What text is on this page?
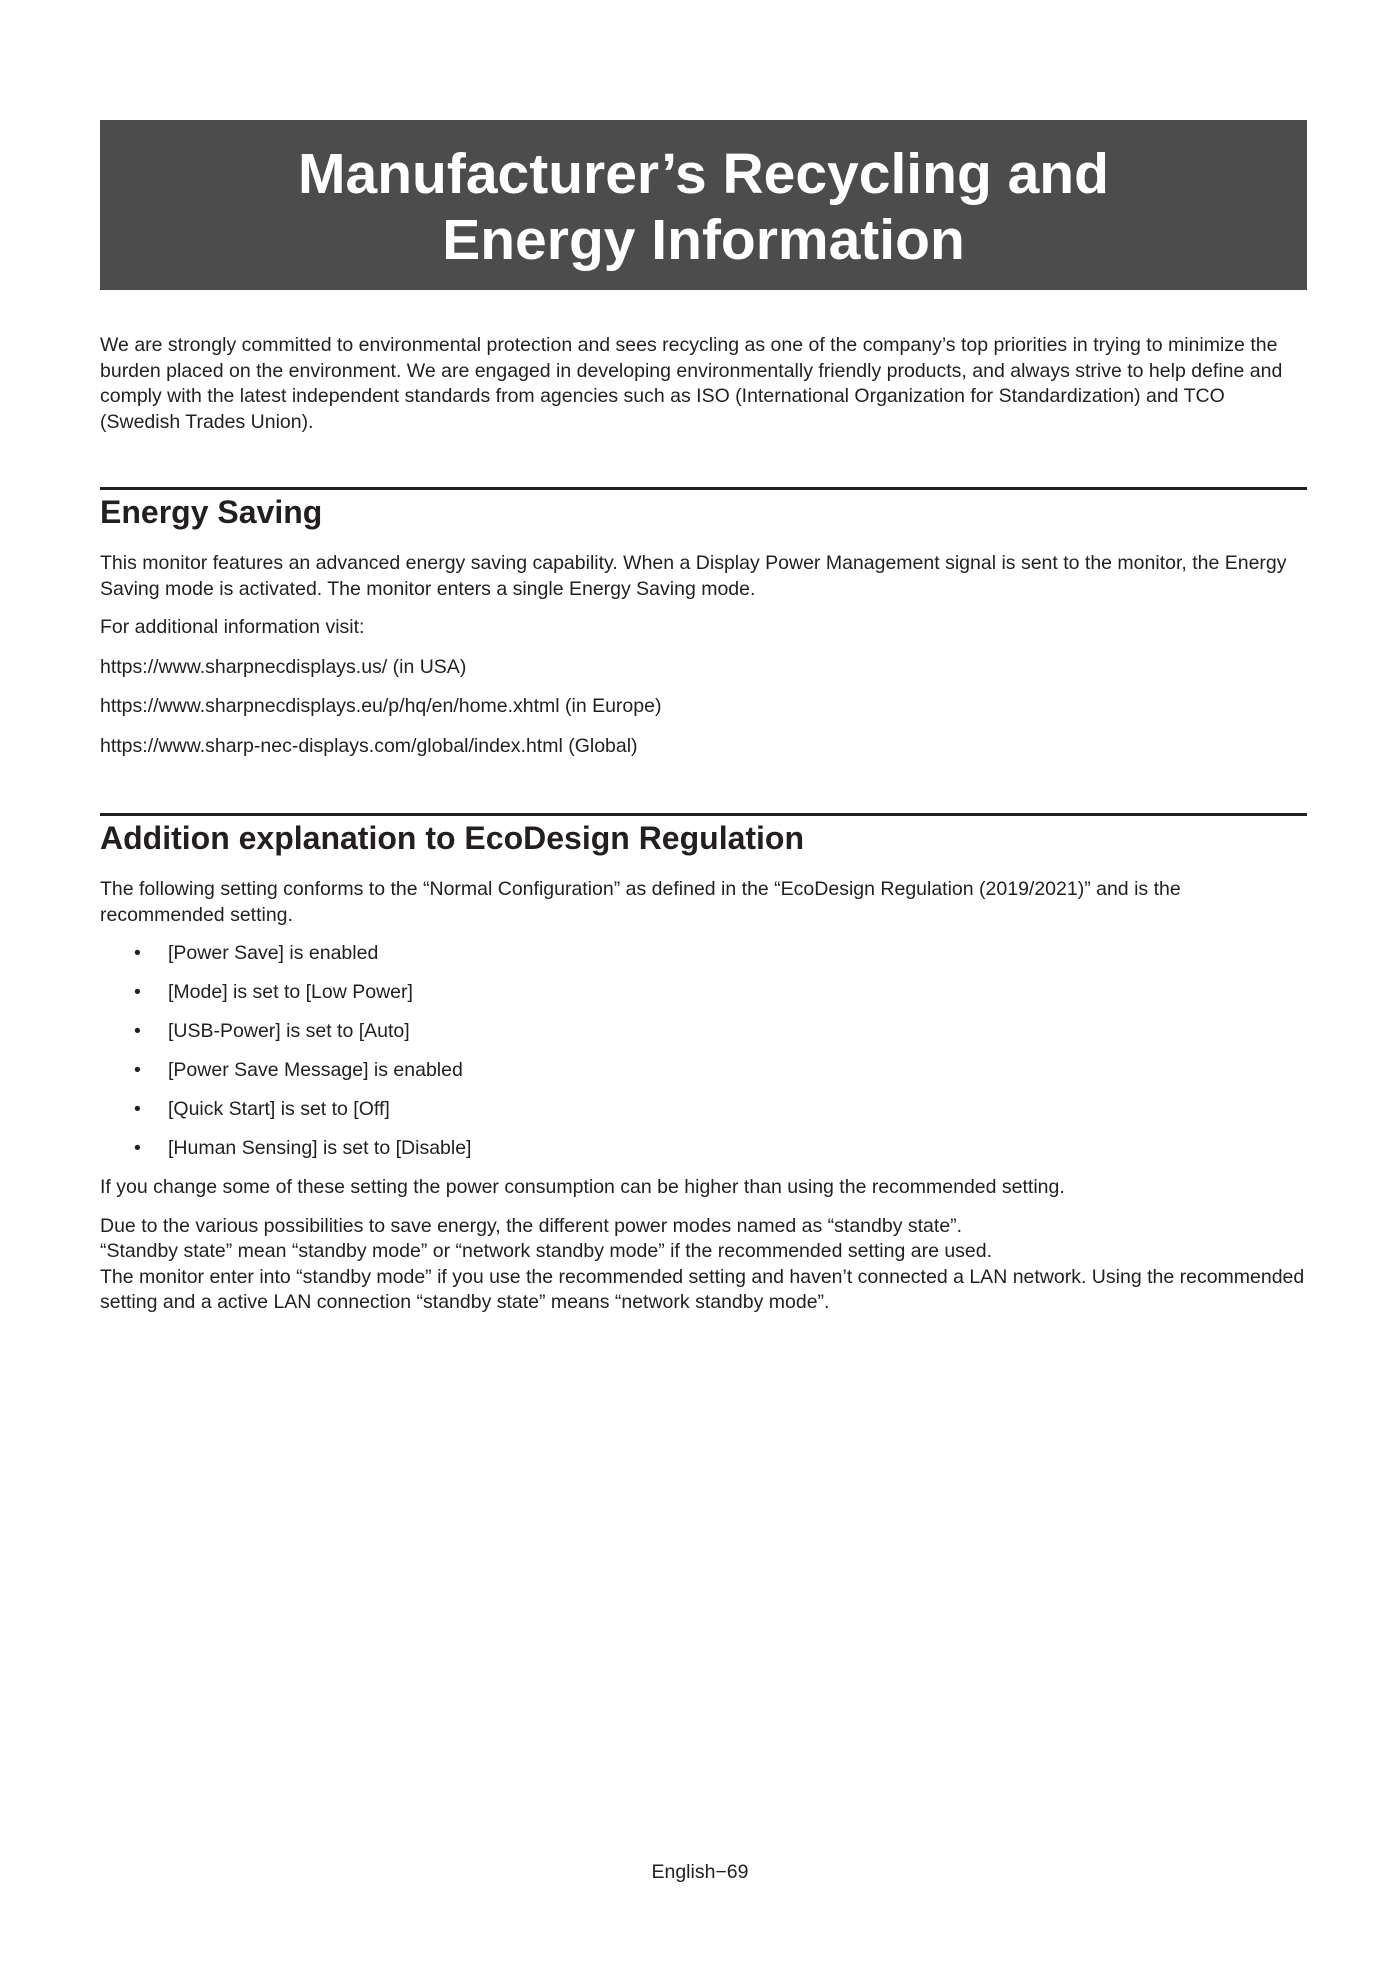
Manufacturer’s Recycling and
Energy Information

We are strongly committed to environmental protection and sees recycling as one of the company’s top priorities in trying to minimize the burden placed on the environment. We are engaged in developing environmentally friendly products, and always strive to help define and comply with the latest independent standards from agencies such as ISO (International Organization for Standardization) and TCO (Swedish Trades Union).

Energy Saving

This monitor features an advanced energy saving capability. When a Display Power Management signal is sent to the monitor, the Energy Saving mode is activated. The monitor enters a single Energy Saving mode.

For additional information visit:

https://www.sharpnecdisplays.us/ (in USA)

https://www.sharpnecdisplays.eu/p/hq/en/home.xhtml (in Europe)

https://www.sharp-nec-displays.com/global/index.html (Global)

Addition explanation to EcoDesign Regulation

The following setting conforms to the “Normal Configuration” as defined in the “EcoDesign Regulation (2019/2021)” and is the recommended setting.

• [Power Save] is enabled
• [Mode] is set to [Low Power]
• [USB-Power] is set to [Auto]
• [Power Save Message] is enabled
• [Quick Start] is set to [Off]
• [Human Sensing] is set to [Disable]

If you change some of these setting the power consumption can be higher than using the recommended setting.

Due to the various possibilities to save energy, the different power modes named as “standby state”.
“Standby state” mean “standby mode” or “network standby mode” if the recommended setting are used.
The monitor enter into “standby mode” if you use the recommended setting and haven’t connected a LAN network. Using the recommended setting and a active LAN connection “standby state” means “network standby mode”.

English−69
